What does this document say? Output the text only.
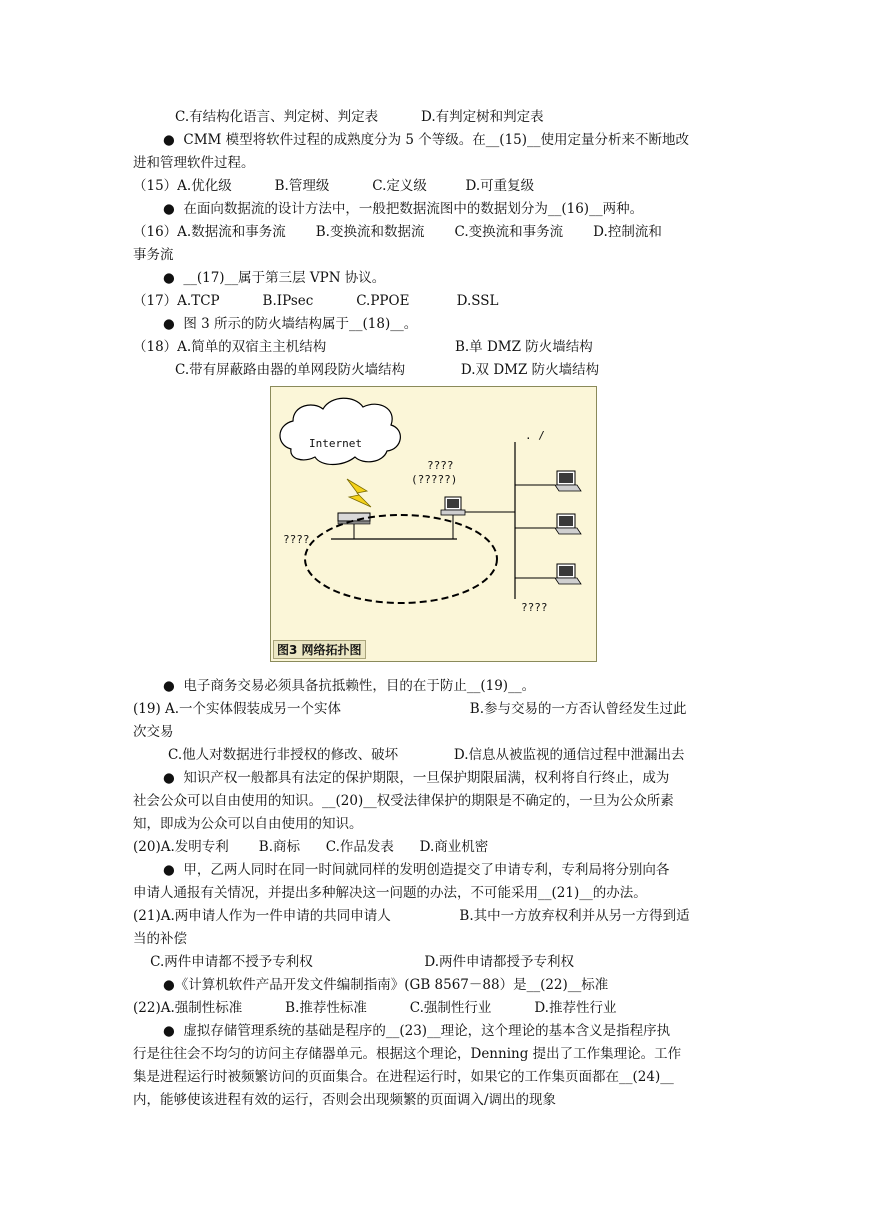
C.有结构化语言、判定树、判定表          D.有判定树和判定表
●  CMM 模型将软件过程的成熟度分为 5 个等级。在__(15)__使用定量分析来不断地改
进和管理软件过程。
（15）A.优化级          B.管理级          C.定义级         D.可重复级
●  在面向数据流的设计方法中，一般把数据流图中的数据划分为__(16)__两种。
（16）A.数据流和事务流       B.变换流和数据流       C.变换流和事务流       D.控制流和
事务流
●  __(17)__属于第三层 VPN 协议。
（17）A.TCP          B.IPsec          C.PPOE           D.SSL
●  图 3 所示的防火墙结构属于__(18)__。
（18）A.简单的双宿主主机结构                              B.单 DMZ 防火墙结构
C.带有屏蔽路由器的单网段防火墙结构             D.双 DMZ 防火墙结构
●  电子商务交易必须具备抗抵赖性，目的在于防止__(19)__。
(19) A.一个实体假装成另一个实体                              B.参与交易的一方否认曾经发生过此
次交易
C.他人对数据进行非授权的修改、破坏             D.信息从被监视的通信过程中泄漏出去
●  知识产权一般都具有法定的保护期限，一旦保护期限届满，权利将自行终止，成为
社会公众可以自由使用的知识。__(20)__权受法律保护的期限是不确定的，一旦为公众所素
知，即成为公众可以自由使用的知识。
(20)A.发明专利       B.商标      C.作品发表      D.商业机密
●  甲，乙两人同时在同一时间就同样的发明创造提交了申请专利，专利局将分别向各
申请人通报有关情况，并提出多种解决这一问题的办法，不可能采用__(21)__的办法。
(21)A.两申请人作为一件申请的共同申请人                B.其中一方放弃权利并从另一方得到适
当的补偿
C.两件申请都不授予专利权                          D.两件申请都授予专利权
●《计算机软件产品开发文件编制指南》(GB 8567－88）是__(22)__标准
(22)A.强制性标准          B.推荐性标准          C.强制性行业          D.推荐性行业
●  虚拟存储管理系统的基础是程序的__(23)__理论，这个理论的基本含义是指程序执
行是往往会不均匀的访问主存储器单元。根据这个理论，Denning 提出了工作集理论。工作
集是进程运行时被频繁访问的页面集合。在进程运行时，如果它的工作集页面都在__(24)__
内，能够使该进程有效的运行，否则会出现频繁的页面调入/调出的现象
Internet
????
(?????)
????
????
. /
图3 网络拓扑图
